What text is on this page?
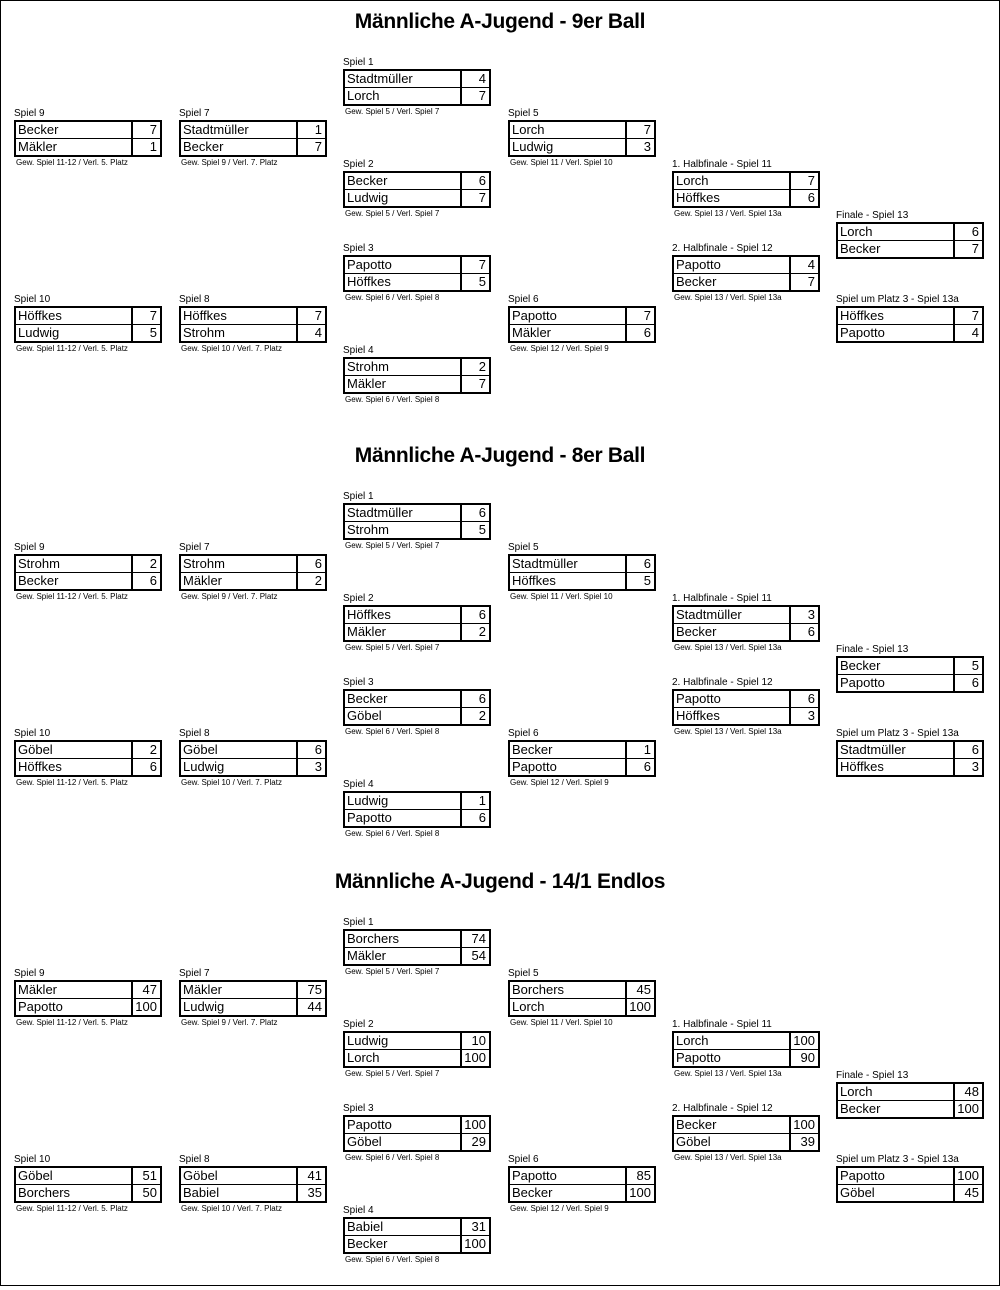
Männliche A-Jugend - 9er Ball
Spiel 1
Stadtmüller	4
Lorch	7
Gew. Spiel 5 / Verl. Spiel 7
Spiel 2
Becker	6
Ludwig	7
Gew. Spiel 5 / Verl. Spiel 7
Spiel 3
Papotto	7
Höffkes	5
Gew. Spiel 6 / Verl. Spiel 8
Spiel 4
Strohm	2
Mäkler	7
Gew. Spiel 6 / Verl. Spiel 8
Spiel 5
Lorch	7
Ludwig	3
Gew. Spiel 11 / Verl. Spiel 10
Spiel 6
Papotto	7
Mäkler	6
Gew. Spiel 12 / Verl. Spiel 9
Spiel 7
Stadtmüller	1
Becker	7
Gew. Spiel 9 / Verl. 7. Platz
Spiel 8
Höffkes	7
Strohm	4
Gew. Spiel 10 / Verl. 7. Platz
Spiel 9
Becker	7
Mäkler	1
Gew. Spiel 11-12 / Verl. 5. Platz
Spiel 10
Höffkes	7
Ludwig	5
Gew. Spiel 11-12 / Verl. 5. Platz
1. Halbfinale - Spiel 11
Lorch	7
Höffkes	6
Gew. Spiel 13 / Verl. Spiel 13a
2. Halbfinale - Spiel 12
Papotto	4
Becker	7
Gew. Spiel 13 / Verl. Spiel 13a
Finale - Spiel 13
Lorch	6
Becker	7
Spiel um Platz 3 - Spiel 13a
Höffkes	7
Papotto	4
Männliche A-Jugend - 8er Ball
Spiel 1
Stadtmüller	6
Strohm	5
Gew. Spiel 5 / Verl. Spiel 7
Spiel 2
Höffkes	6
Mäkler	2
Gew. Spiel 5 / Verl. Spiel 7
Spiel 3
Becker	6
Göbel	2
Gew. Spiel 6 / Verl. Spiel 8
Spiel 4
Ludwig	1
Papotto	6
Gew. Spiel 6 / Verl. Spiel 8
Spiel 5
Stadtmüller	6
Höffkes	5
Gew. Spiel 11 / Verl. Spiel 10
Spiel 6
Becker	1
Papotto	6
Gew. Spiel 12 / Verl. Spiel 9
Spiel 7
Strohm	6
Mäkler	2
Gew. Spiel 9 / Verl. 7. Platz
Spiel 8
Göbel	6
Ludwig	3
Gew. Spiel 10 / Verl. 7. Platz
Spiel 9
Strohm	2
Becker	6
Gew. Spiel 11-12 / Verl. 5. Platz
Spiel 10
Göbel	2
Höffkes	6
Gew. Spiel 11-12 / Verl. 5. Platz
1. Halbfinale - Spiel 11
Stadtmüller	3
Becker	6
Gew. Spiel 13 / Verl. Spiel 13a
2. Halbfinale - Spiel 12
Papotto	6
Höffkes	3
Gew. Spiel 13 / Verl. Spiel 13a
Finale - Spiel 13
Becker	5
Papotto	6
Spiel um Platz 3 - Spiel 13a
Stadtmüller	6
Höffkes	3
Männliche A-Jugend - 14/1 Endlos
Spiel 1
Borchers	74
Mäkler	54
Gew. Spiel 5 / Verl. Spiel 7
Spiel 2
Ludwig	10
Lorch	100
Gew. Spiel 5 / Verl. Spiel 7
Spiel 3
Papotto	100
Göbel	29
Gew. Spiel 6 / Verl. Spiel 8
Spiel 4
Babiel	31
Becker	100
Gew. Spiel 6 / Verl. Spiel 8
Spiel 5
Borchers	45
Lorch	100
Gew. Spiel 11 / Verl. Spiel 10
Spiel 6
Papotto	85
Becker	100
Gew. Spiel 12 / Verl. Spiel 9
Spiel 7
Mäkler	75
Ludwig	44
Gew. Spiel 9 / Verl. 7. Platz
Spiel 8
Göbel	41
Babiel	35
Gew. Spiel 10 / Verl. 7. Platz
Spiel 9
Mäkler	47
Papotto	100
Gew. Spiel 11-12 / Verl. 5. Platz
Spiel 10
Göbel	51
Borchers	50
Gew. Spiel 11-12 / Verl. 5. Platz
1. Halbfinale - Spiel 11
Lorch	100
Papotto	90
Gew. Spiel 13 / Verl. Spiel 13a
2. Halbfinale - Spiel 12
Becker	100
Göbel	39
Gew. Spiel 13 / Verl. Spiel 13a
Finale - Spiel 13
Lorch	48
Becker	100
Spiel um Platz 3 - Spiel 13a
Papotto	100
Göbel	45
